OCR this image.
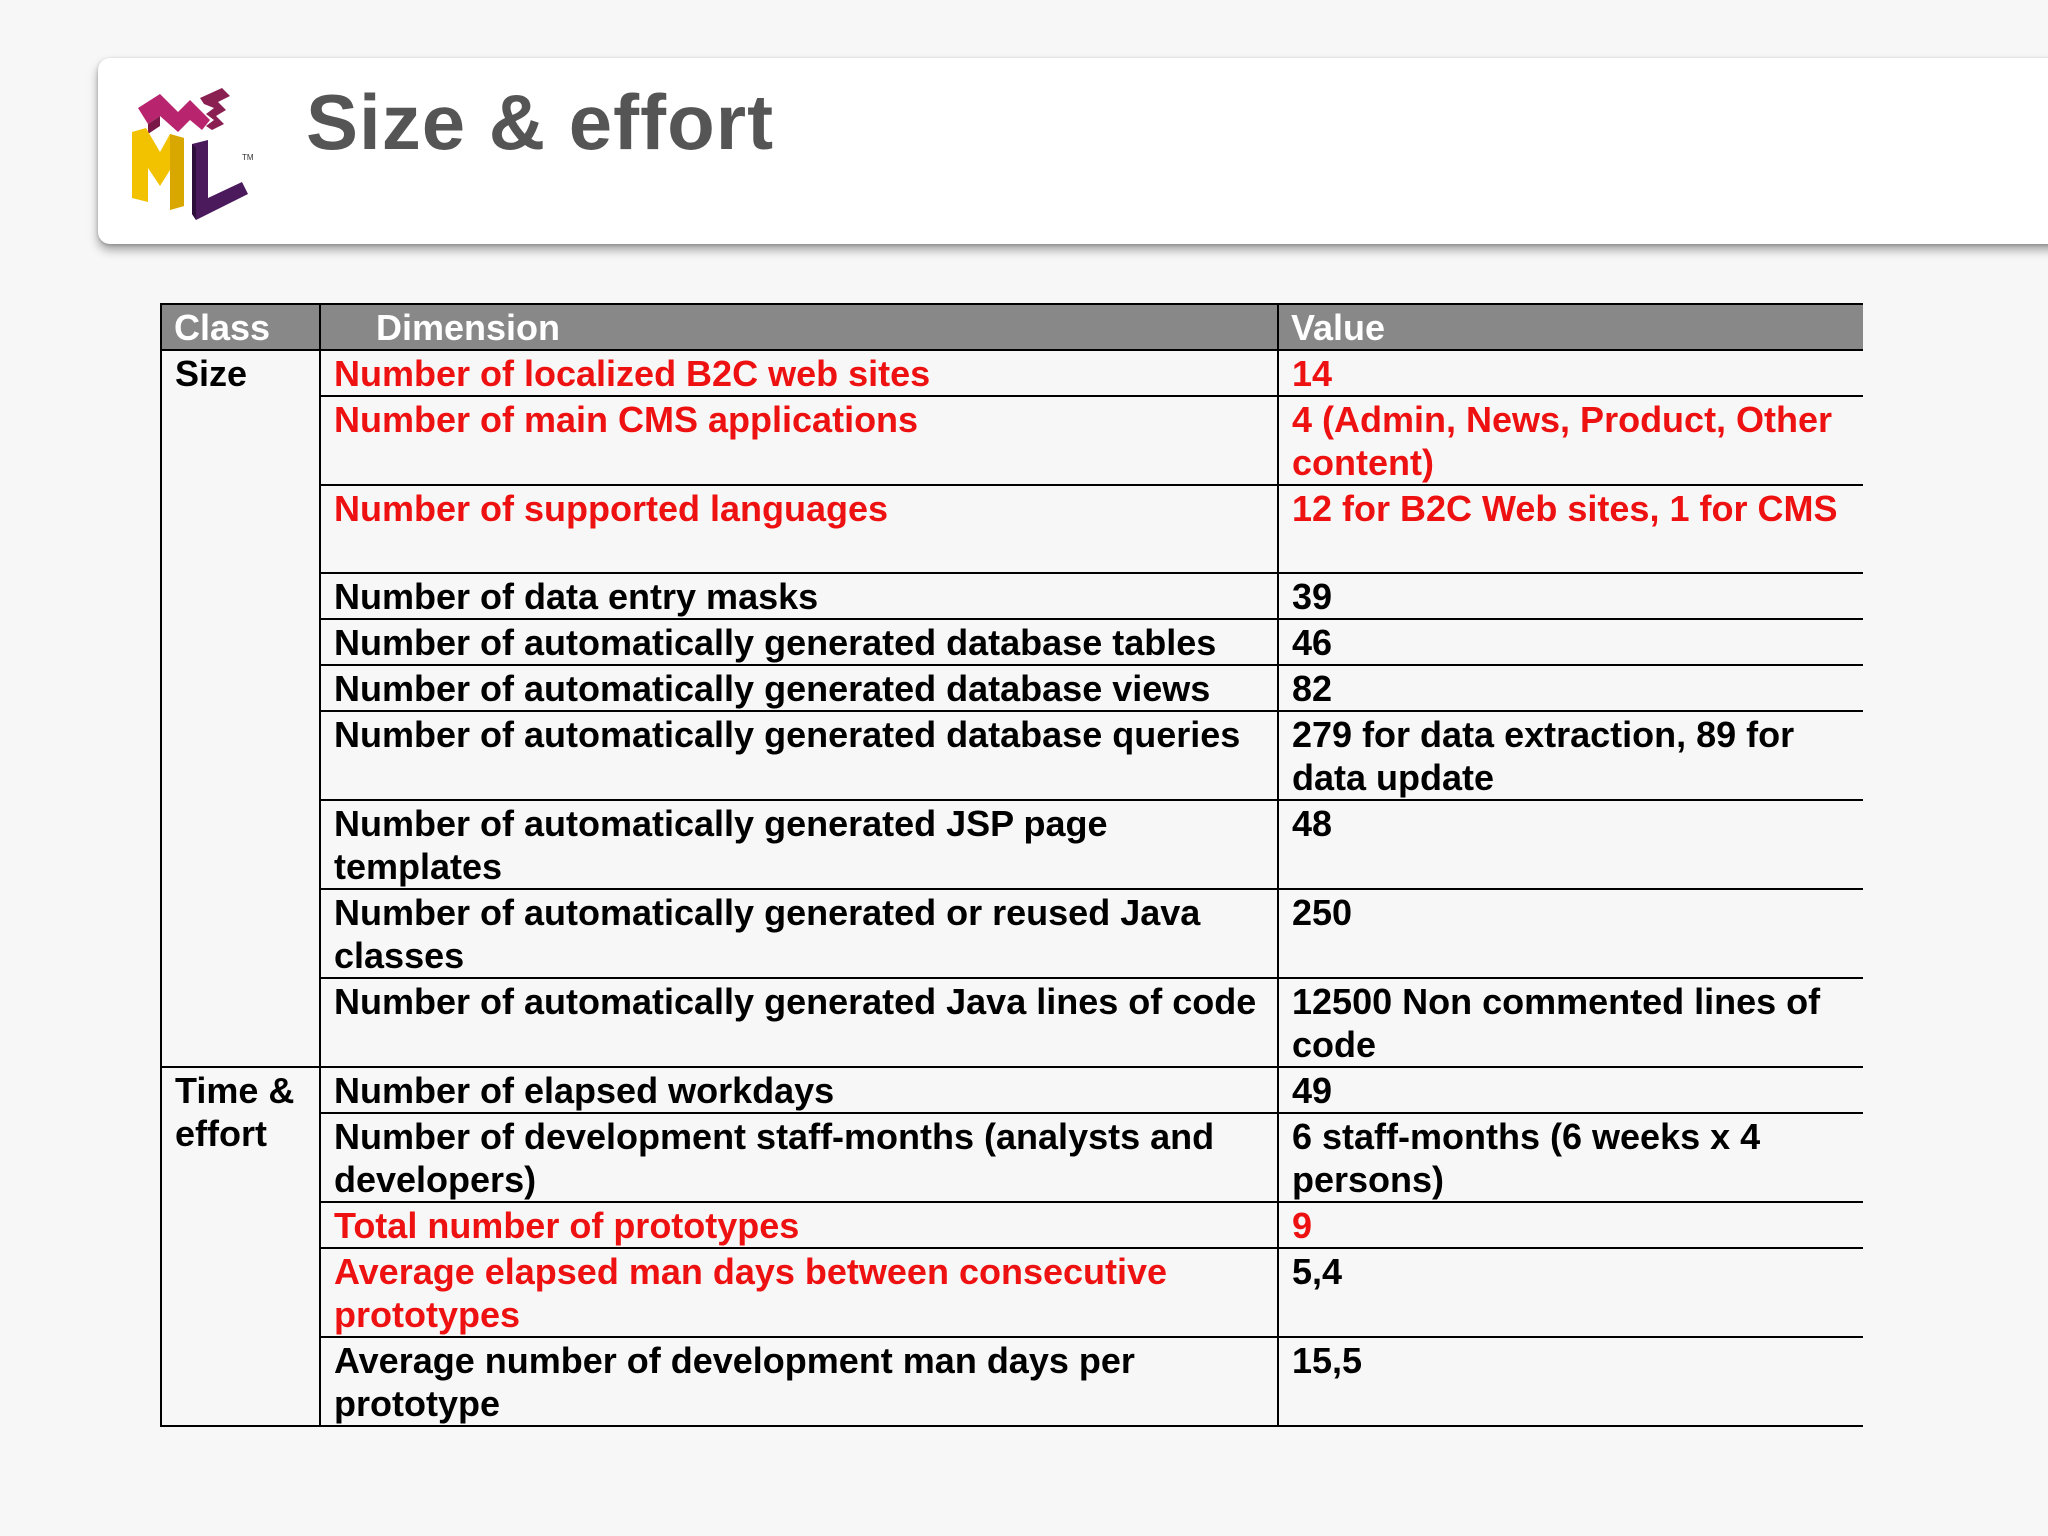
TM Size & effort
Class	Dimension	Value
Size	Number of localized B2C web sites	14
	Number of main CMS applications	4 (Admin, News, Product, Other content)
	Number of supported languages	12 for B2C Web sites, 1 for CMS
	Number of data entry masks	39
	Number of automatically generated database tables	46
	Number of automatically generated database views	82
	Number of automatically generated database queries	279 for data extraction, 89 for data update
	Number of automatically generated JSP page templates	48
	Number of automatically generated or reused Java classes	250
	Number of automatically generated Java lines of code	12500 Non commented lines of code
Time & effort	Number of elapsed workdays	49
	Number of development staff-months (analysts and developers)	6 staff-months (6 weeks x 4 persons)
	Total number of prototypes	9
	Average elapsed man days between consecutive prototypes	5,4
	Average number of development man days per prototype	15,5
